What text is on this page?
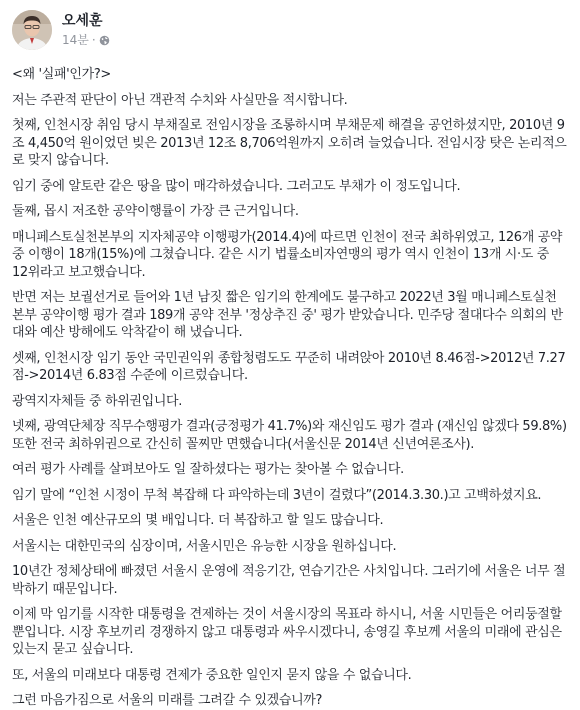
오세훈
14분 ·

<왜 '실패'인가?>

저는 주관적 판단이 아닌 객관적 수치와 사실만을 적시합니다.

첫째, 인천시장 취임 당시 부채질로 전임시장을 조롱하시며 부채문제 해결을 공언하셨지만, 2010년 9조 4,450억 원이었던 빚은 2013년 12조 8,706억원까지 오히려 늘었습니다. 전임시장 탓은 논리적으로 맞지 않습니다.

임기 중에 알토란 같은 땅을 많이 매각하셨습니다. 그러고도 부채가 이 정도입니다.

둘째, 몹시 저조한 공약이행률이 가장 큰 근거입니다.

매니페스토실천본부의 지자체공약 이행평가(2014.4)에 따르면 인천이 전국 최하위였고, 126개 공약 중 이행이 18개(15%)에 그쳤습니다. 같은 시기 법률소비자연맹의 평가 역시 인천이 13개 시·도 중 12위라고 보고했습니다.

반면 저는 보궐선거로 들어와 1년 남짓 짧은 임기의 한계에도 불구하고 2022년 3월 매니페스토실천본부 공약이행 평가 결과 189개 공약 전부 '정상추진 중' 평가 받았습니다. 민주당 절대다수 의회의 반대와 예산 방해에도 악착같이 해 냈습니다.

셋째, 인천시장 임기 동안 국민권익위 종합청렴도도 꾸준히 내려앉아 2010년 8.46점->2012년 7.27점->2014년 6.83점 수준에 이르렀습니다.

광역지자체들 중 하위권입니다.

넷째, 광역단체장 직무수행평가 결과(긍정평가 41.7%)와 재신임도 평가 결과 (재신임 않겠다 59.8%) 또한 전국 최하위권으로 간신히 꼴찌만 면했습니다(서울신문 2014년 신년여론조사).

여러 평가 사례를 살펴보아도 일 잘하셨다는 평가는 찾아볼 수 없습니다.

임기 말에 “인천 시정이 무척 복잡해 다 파악하는데 3년이 걸렸다”(2014.3.30.)고 고백하셨지요.

서울은 인천 예산규모의 몇 배입니다. 더 복잡하고 할 일도 많습니다.

서울시는 대한민국의 심장이며, 서울시민은 유능한 시장을 원하십니다.

10년간 정체상태에 빠졌던 서울시 운영에 적응기간, 연습기간은 사치입니다. 그러기에 서울은 너무 절박하기 때문입니다.

이제 막 임기를 시작한 대통령을 견제하는 것이 서울시장의 목표라 하시니, 서울 시민들은 어리둥절할 뿐입니다. 시장 후보끼리 경쟁하지 않고 대통령과 싸우시겠다니, 송영길 후보께 서울의 미래에 관심은 있는지 묻고 싶습니다.

또, 서울의 미래보다 대통령 견제가 중요한 일인지 묻지 않을 수 없습니다.

그런 마음가짐으로 서울의 미래를 그려갈 수 있겠습니까?
